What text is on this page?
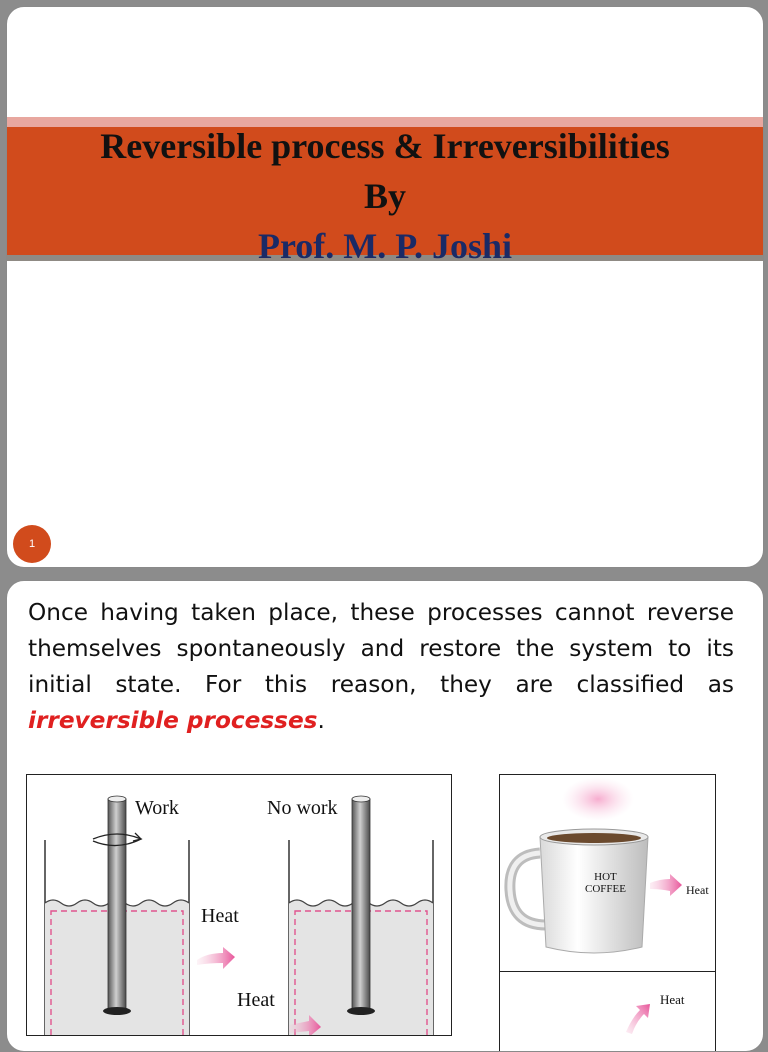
Reversible process & Irreversibilities
By
Prof. M. P. Joshi
1

Once having taken place, these processes cannot reverse themselves spontaneously and restore the system to its initial state. For this reason, they are classified as irreversible processes.

Work	No work
Heat
Heat
HOT
COFFEE	Heat
Heat
